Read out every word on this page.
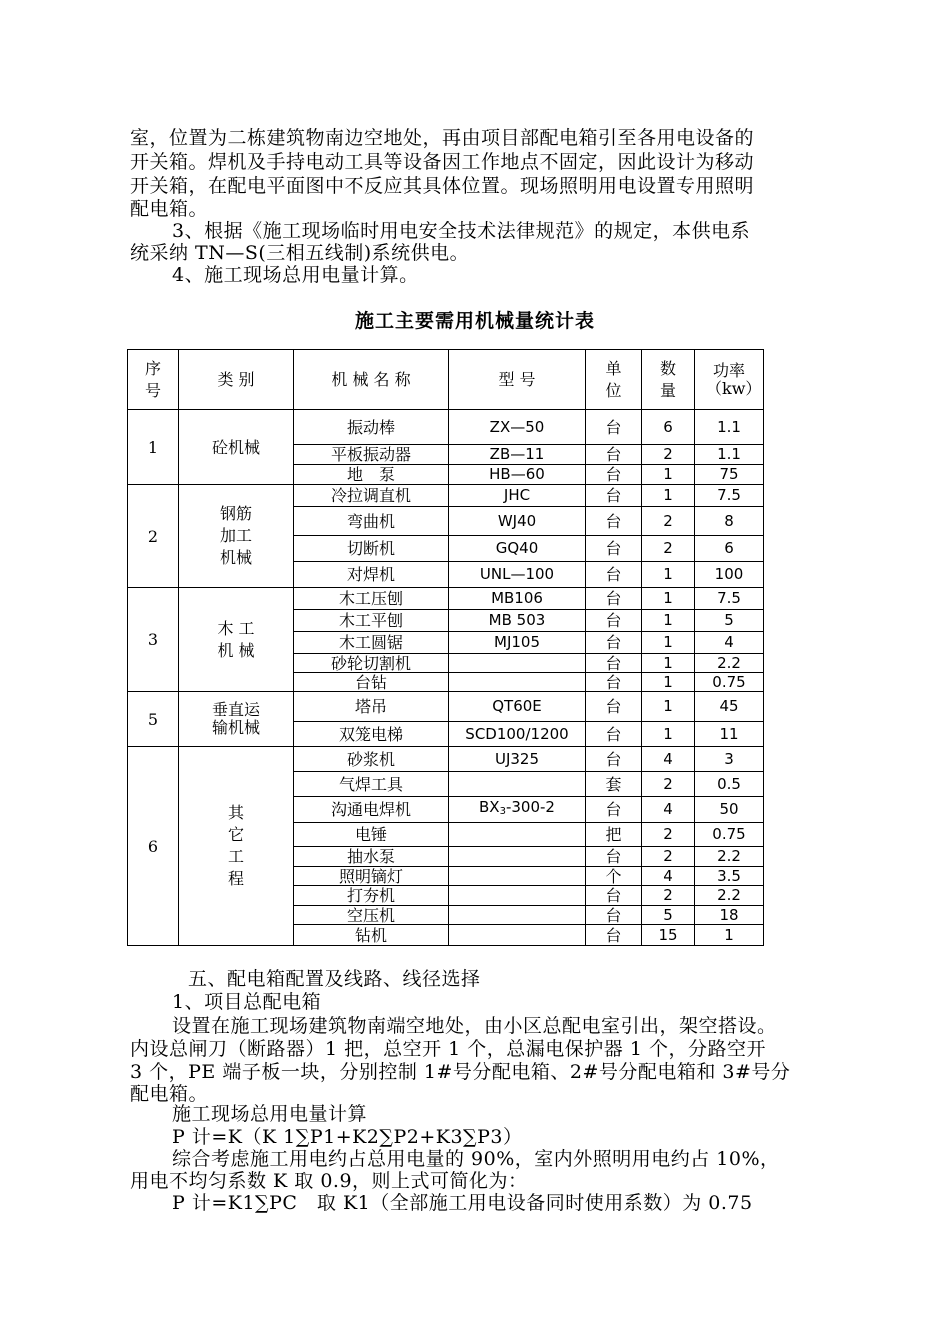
室，位置为二栋建筑物南边空地处，再由项目部配电箱引至各用电设备的
开关箱。焊机及手持电动工具等设备因工作地点不固定，因此设计为移动
开关箱，在配电平面图中不反应其具体位置。现场照明用电设置专用照明
配电箱。
3、根据《施工现场临时用电安全技术法律规范》的规定，本供电系
统采纳 TN—S(三相五线制)系统供电。
4、施工现场总用电量计算。
施工主要需用机械量统计表
序号	类 别	机 械 名 称	型 号	单位	数量	功率（kw）
1	砼机械	振动棒	ZX—50	台	6	1.1
		平板振动器	ZB—11	台	2	1.1
		地　泵	HB—60	台	1	75
2	钢筋加工机械	冷拉调直机	JHC	台	1	7.5
		弯曲机	WJ40	台	2	8
		切断机	GQ40	台	2	6
		对焊机	UNL—100	台	1	100
3	木 工 机 械	木工压刨	MB106	台	1	7.5
		木工平刨	MB 503	台	1	5
		木工圆锯	MJ105	台	1	4
		砂轮切割机		台	1	2.2
		台钻		台	1	0.75
5	垂直运输机械	塔吊	QT60E	台	1	45
		双笼电梯	SCD100/1200	台	1	11
6	其它工程	砂浆机	UJ325	台	4	3
		气焊工具		套	2	0.5
		沟通电焊机	$BX_3-300-2$	台	4	50
		电锤		把	2	0.75
		抽水泵		台	2	2.2
		照明镝灯		个	4	3.5
		打夯机		台	2	2.2
		空压机		台	5	18
		钻机		台	15	1
五、配电箱配置及线路、线径选择
1、项目总配电箱
设置在施工现场建筑物南端空地处，由小区总配电室引出，架空搭设。
内设总闸刀（断路器）1 把，总空开 1 个，总漏电保护器 1 个，分路空开
3 个，PE 端子板一块，分别控制 1#号分配电箱、2#号分配电箱和 3#号分
配电箱。
施工现场总用电量计算
P 计=K（K 1∑P1+K2∑P2+K3∑P3）
综合考虑施工用电约占总用电量的 90%，室内外照明用电约占 10%，
用电不均匀系数 K 取 0.9，则上式可简化为：
P 计=K1∑PC　取 K1（全部施工用电设备同时使用系数）为 0.75
